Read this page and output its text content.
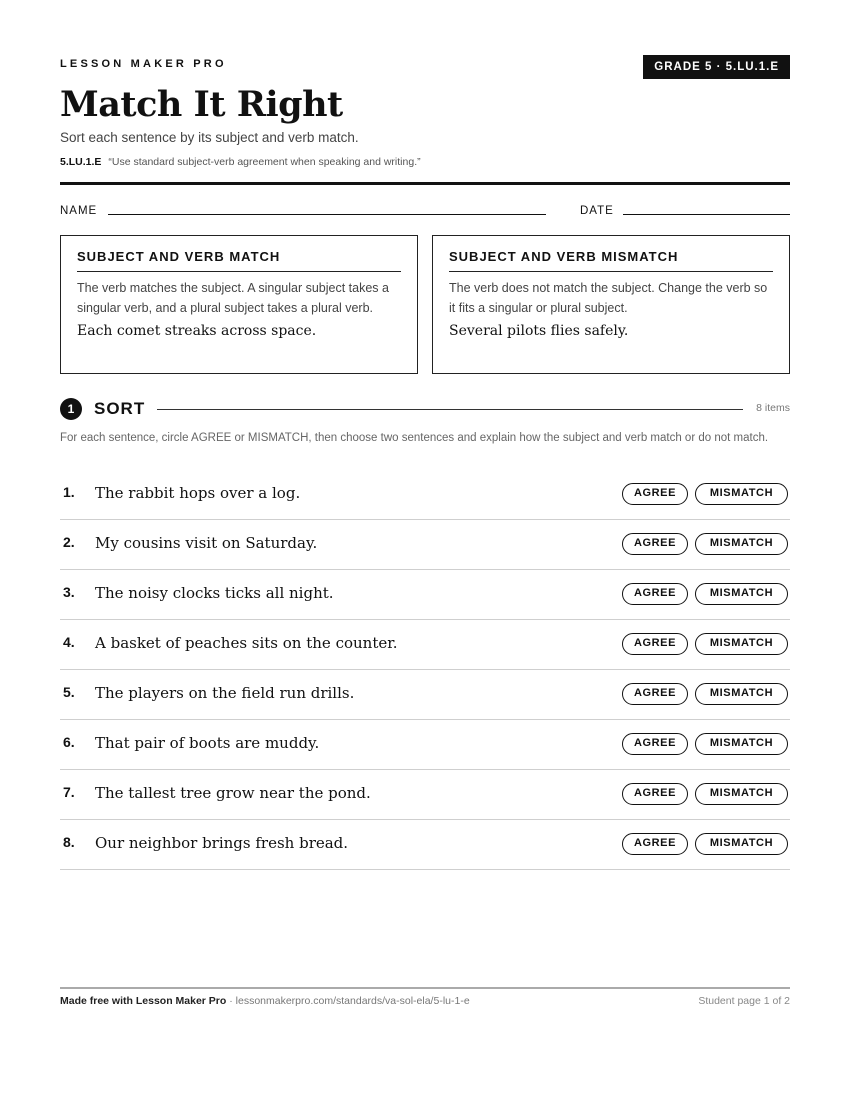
LESSON MAKER PRO	GRADE 5 · 5.LU.1.E
Match It Right
Sort each sentence by its subject and verb match.
5.LU.1.E “Use standard subject-verb agreement when speaking and writing.”
NAME	DATE
SUBJECT AND VERB MATCH
The verb matches the subject. A singular subject takes a singular verb, and a plural subject takes a plural verb.
Each comet streaks across space.
SUBJECT AND VERB MISMATCH
The verb does not match the subject. Change the verb so it fits a singular or plural subject.
Several pilots flies safely.
1	SORT	8 items
For each sentence, circle AGREE or MISMATCH, then choose two sentences and explain how the subject and verb match or do not match.
1. The rabbit hops over a log.	AGREE	MISMATCH
2. My cousins visit on Saturday.	AGREE	MISMATCH
3. The noisy clocks ticks all night.	AGREE	MISMATCH
4. A basket of peaches sits on the counter.	AGREE	MISMATCH
5. The players on the field run drills.	AGREE	MISMATCH
6. That pair of boots are muddy.	AGREE	MISMATCH
7. The tallest tree grow near the pond.	AGREE	MISMATCH
8. Our neighbor brings fresh bread.	AGREE	MISMATCH
Made free with Lesson Maker Pro · lessonmakerpro.com/standards/va-sol-ela/5-lu-1-e	Student page 1 of 2
